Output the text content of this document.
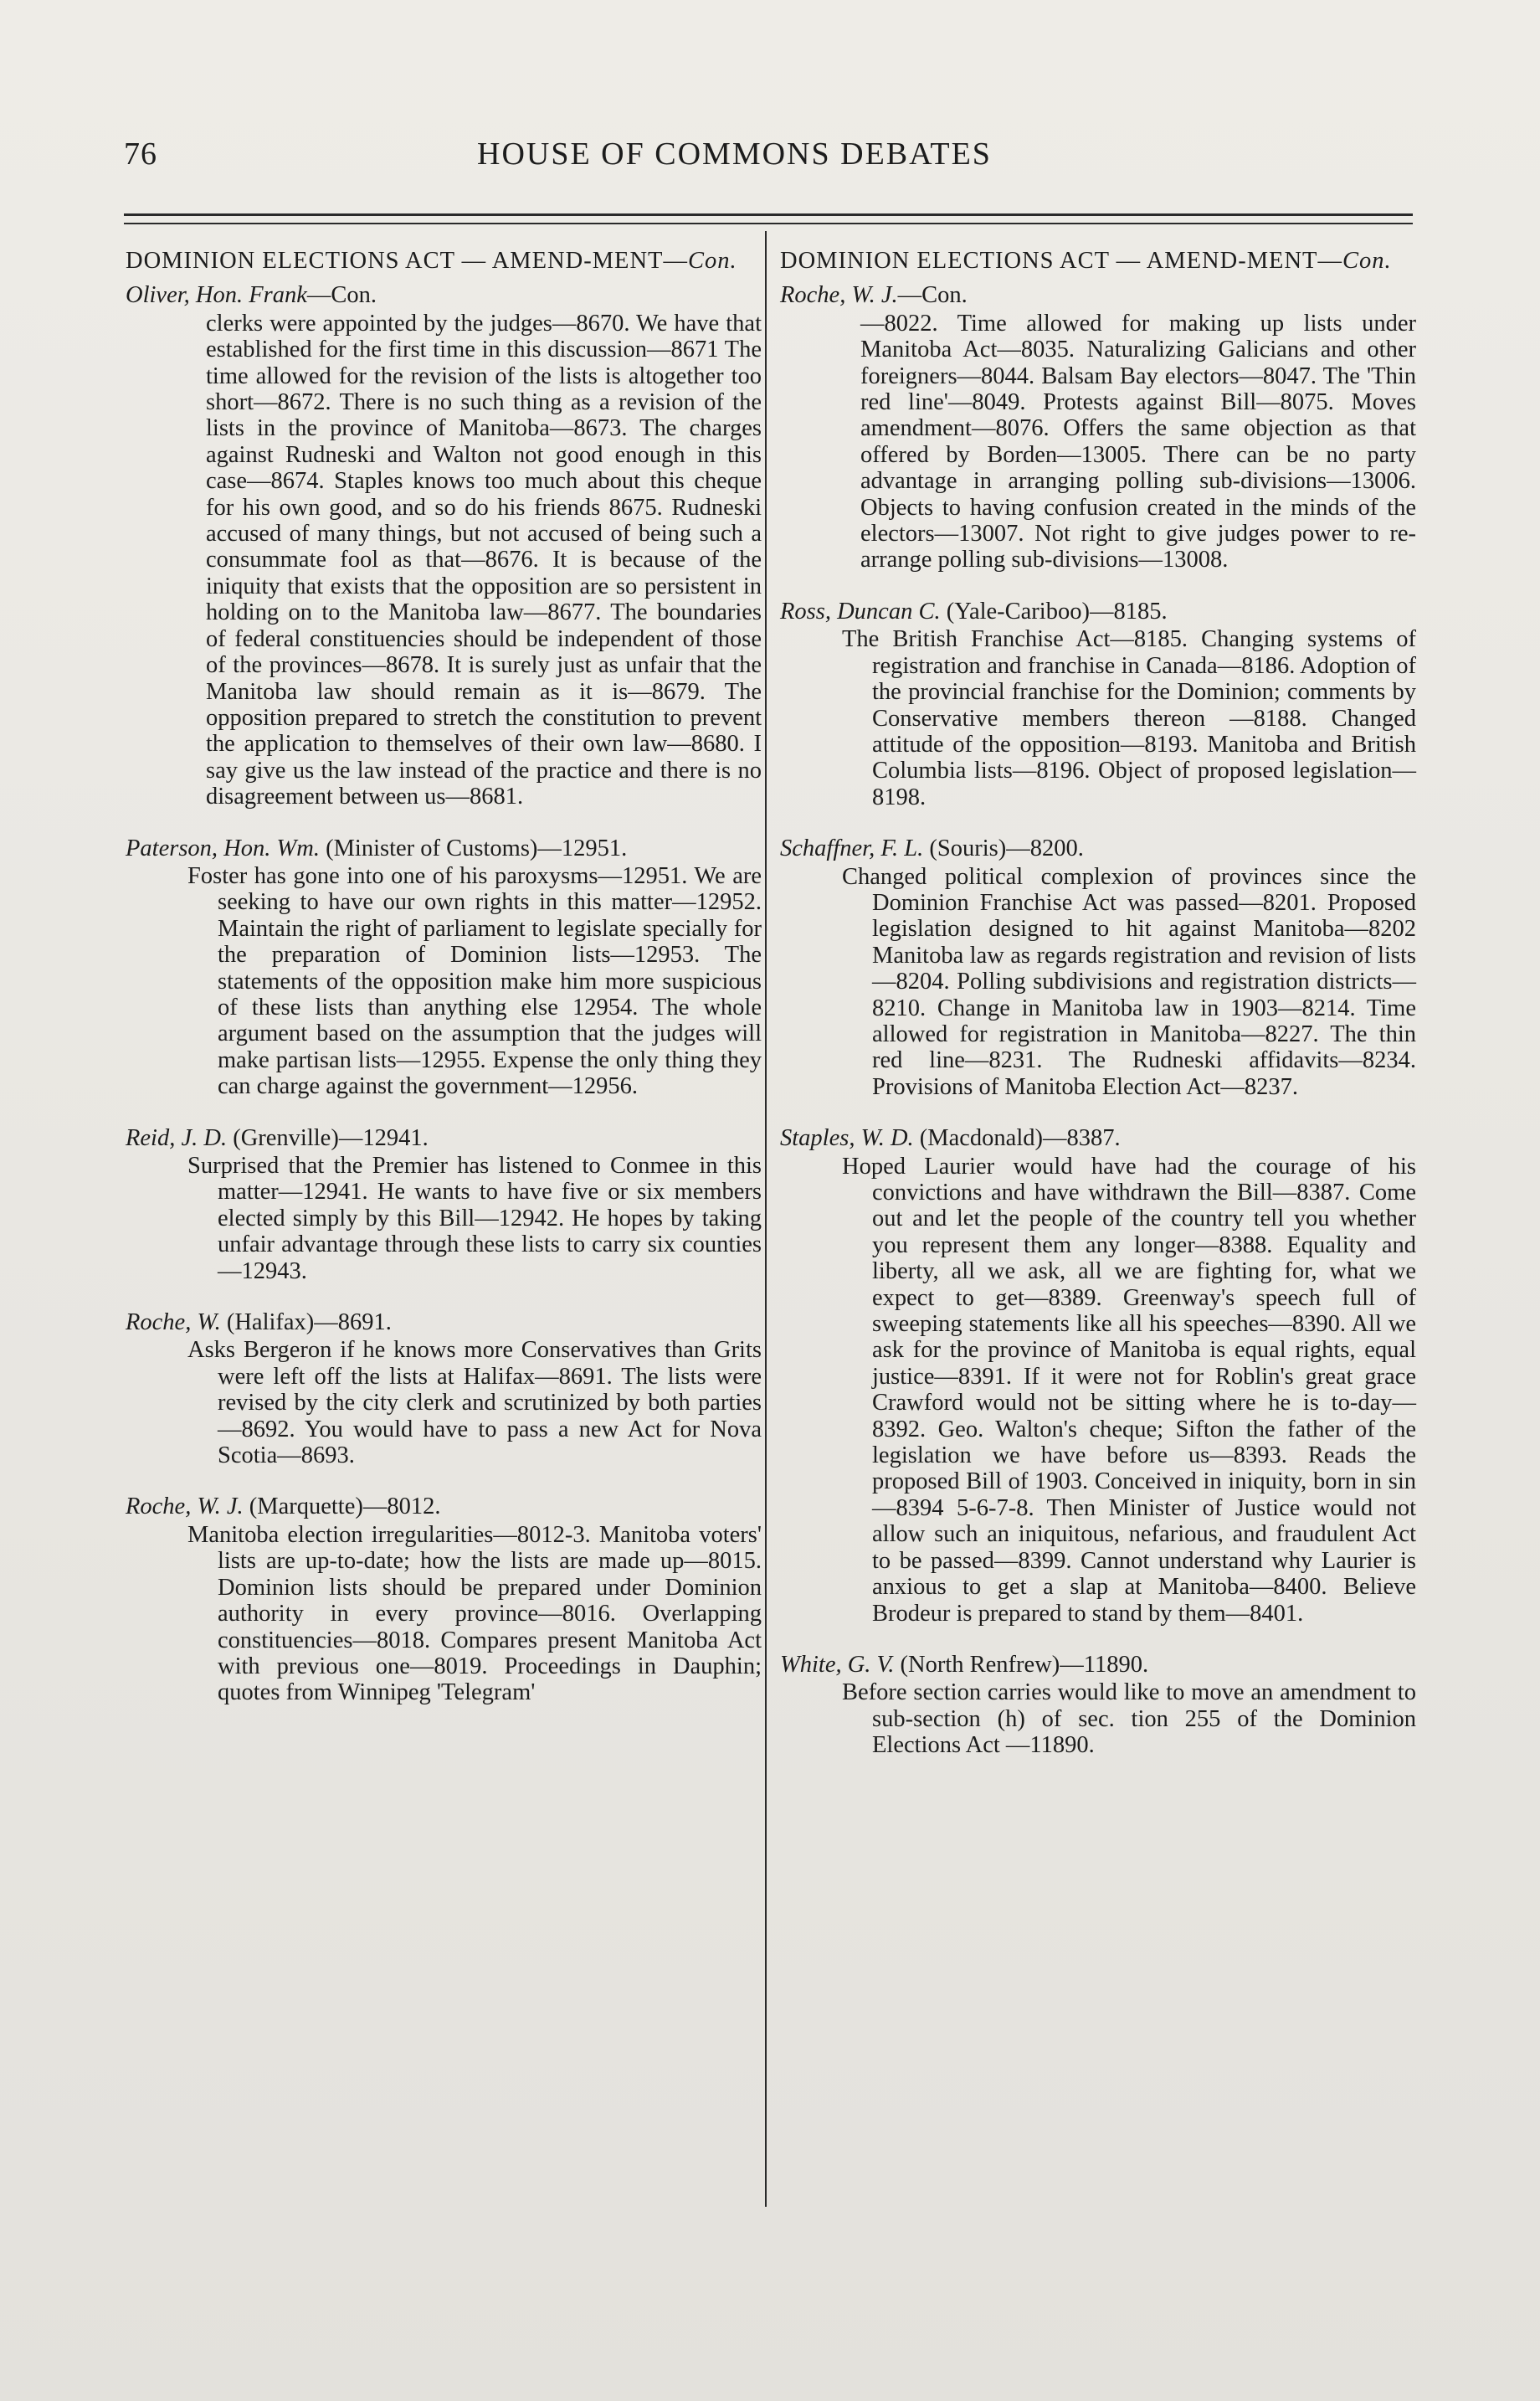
76	HOUSE OF COMMONS DEBATES

DOMINION ELECTIONS ACT — AMEND-MENT—Con.

Oliver, Hon. Frank—Con.

clerks were appointed by the judges—8670. We have that established for the first time in this discussion—8671 The time allowed for the revision of the lists is altogether too short—8672. There is no such thing as a revision of the lists in the province of Manitoba—8673. The charges against Rudneski and Walton not good enough in this case—8674. Staples knows too much about this cheque for his own good, and so do his friends 8675. Rudneski accused of many things, but not accused of being such a consummate fool as that—8676. It is because of the iniquity that exists that the opposition are so persistent in holding on to the Manitoba law—8677. The boundaries of federal constituencies should be independent of those of the provinces—8678. It is surely just as unfair that the Manitoba law should remain as it is—8679. The opposition prepared to stretch the constitution to prevent the application to themselves of their own law—8680. I say give us the law instead of the practice and there is no disagreement between us—8681.

Paterson, Hon. Wm. (Minister of Customs)—12951.

Foster has gone into one of his paroxysms—12951. We are seeking to have our own rights in this matter—12952. Maintain the right of parliament to legislate specially for the preparation of Dominion lists—12953. The statements of the opposition make him more suspicious of these lists than anything else 12954. The whole argument based on the assumption that the judges will make partisan lists—12955. Expense the only thing they can charge against the government—12956.

Reid, J. D. (Grenville)—12941.

Surprised that the Premier has listened to Conmee in this matter—12941. He wants to have five or six members elected simply by this Bill—12942. He hopes by taking unfair advantage through these lists to carry six counties—12943.

Roche, W. (Halifax)—8691.

Asks Bergeron if he knows more Conservatives than Grits were left off the lists at Halifax—8691. The lists were revised by the city clerk and scrutinized by both parties—8692. You would have to pass a new Act for Nova Scotia—8693.

Roche, W. J. (Marquette)—8012.

Manitoba election irregularities—8012-3. Manitoba voters' lists are up-to-date; how the lists are made up—8015. Dominion lists should be prepared under Dominion authority in every province—8016. Overlapping constituencies—8018. Compares present Manitoba Act with previous one—8019. Proceedings in Dauphin; quotes from Winnipeg 'Telegram'

DOMINION ELECTIONS ACT — AMEND-MENT—Con.

Roche, W. J.—Con.

—8022. Time allowed for making up lists under Manitoba Act—8035. Naturalizing Galicians and other foreigners—8044. Balsam Bay electors—8047. The 'Thin red line'—8049. Protests against Bill—8075. Moves amendment—8076. Offers the same objection as that offered by Borden—13005. There can be no party advantage in arranging polling sub-divisions—13006. Objects to having confusion created in the minds of the electors—13007. Not right to give judges power to re-arrange polling sub-divisions—13008.

Ross, Duncan C. (Yale-Cariboo)—8185.

The British Franchise Act—8185. Changing systems of registration and franchise in Canada—8186. Adoption of the provincial franchise for the Dominion; comments by Conservative members thereon —8188. Changed attitude of the opposition—8193. Manitoba and British Columbia lists—8196. Object of proposed legislation—8198.

Schaffner, F. L. (Souris)—8200.

Changed political complexion of provinces since the Dominion Franchise Act was passed—8201. Proposed legislation designed to hit against Manitoba—8202 Manitoba law as regards registration and revision of lists—8204. Polling subdivisions and registration districts—8210. Change in Manitoba law in 1903—8214. Time allowed for registration in Manitoba—8227. The thin red line—8231. The Rudneski affidavits—8234. Provisions of Manitoba Election Act—8237.

Staples, W. D. (Macdonald)—8387.

Hoped Laurier would have had the courage of his convictions and have withdrawn the Bill—8387. Come out and let the people of the country tell you whether you represent them any longer—8388. Equality and liberty, all we ask, all we are fighting for, what we expect to get—8389. Greenway's speech full of sweeping statements like all his speeches—8390. All we ask for the province of Manitoba is equal rights, equal justice—8391. If it were not for Roblin's great grace Crawford would not be sitting where he is to-day—8392. Geo. Walton's cheque; Sifton the father of the legislation we have before us—8393. Reads the proposed Bill of 1903. Conceived in iniquity, born in sin—8394 5-6-7-8. Then Minister of Justice would not allow such an iniquitous, nefarious, and fraudulent Act to be passed—8399. Cannot understand why Laurier is anxious to get a slap at Manitoba—8400. Believe Brodeur is prepared to stand by them—8401.

White, G. V. (North Renfrew)—11890.

Before section carries would like to move an amendment to sub-section (h) of sec. tion 255 of the Dominion Elections Act —11890.
